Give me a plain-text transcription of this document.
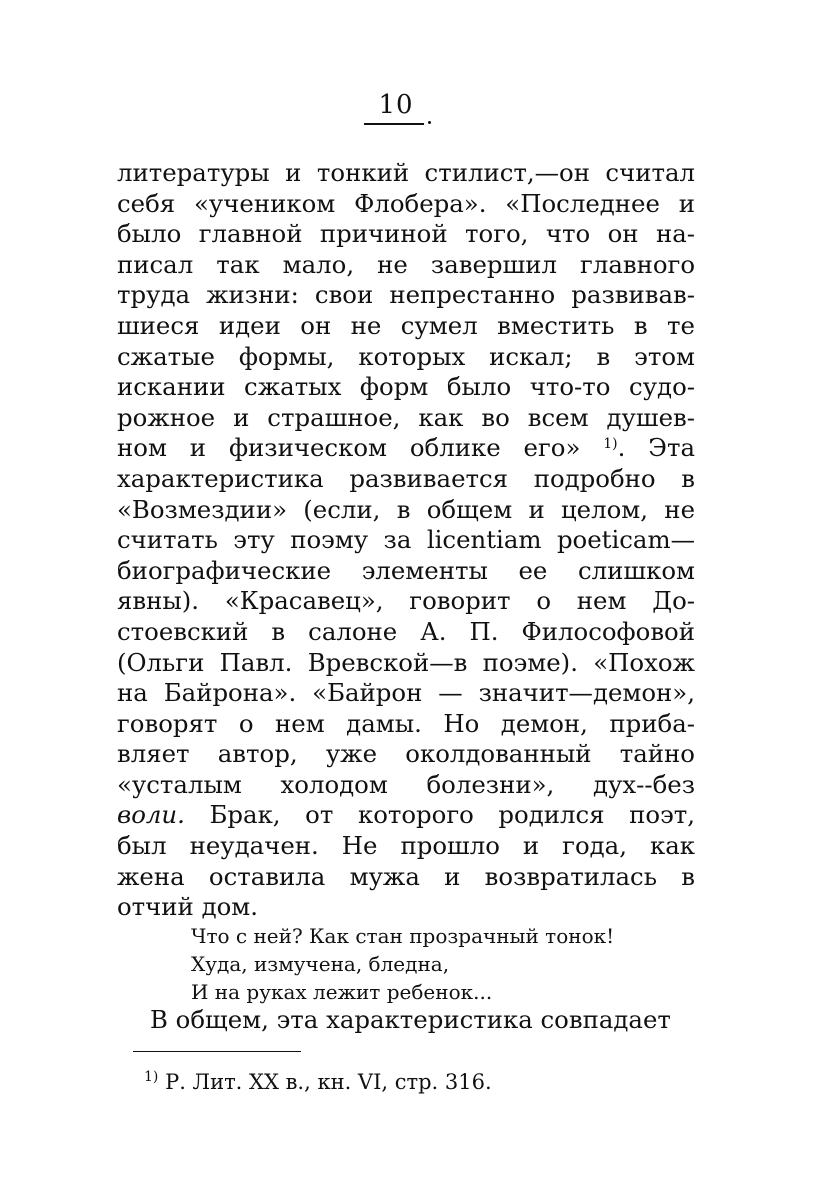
10
литературы и тонкий стилист,—он считал
себя «учеником Флобера». «Последнее и
было главной причиной того, что он на-
писал так мало, не завершил главного
труда жизни: свои непрестанно развивав-
шиеся идеи он не сумел вместить в те
сжатые формы, которых искал; в этом
искании сжатых форм было что-то судо-
рожное и страшное, как во всем душев-
ном и физическом облике его» $^{1)}$. Эта
характеристика развивается подробно в
«Возмездии» (если, в общем и целом, не
считать эту поэму за licentiam poeticam—
биографические элементы ее слишком
явны). «Красавец», говорит о нем До-
стоевский в салоне А. П. Философовой
(Ольги Павл. Вревской—в поэме). «Похож
на Байрона». «Байрон — значит—демон»,
говорят о нем дамы. Но демон, приба-
вляет автор, уже околдованный тайно
«усталым холодом болезни», дух--без
воли. Брак, от которого родился поэт,
был неудачен. Не прошло и года, как
жена оставила мужа и возвратилась в
отчий дом.
Что с ней? Как стан прозрачный тонок!
Худа, измучена, бледна,
И на руках лежит ребенок...
В общем, эта характеристика совпадает
$^{1)}$ Р. Лит. XX в., кн. VI, стр. 316.
